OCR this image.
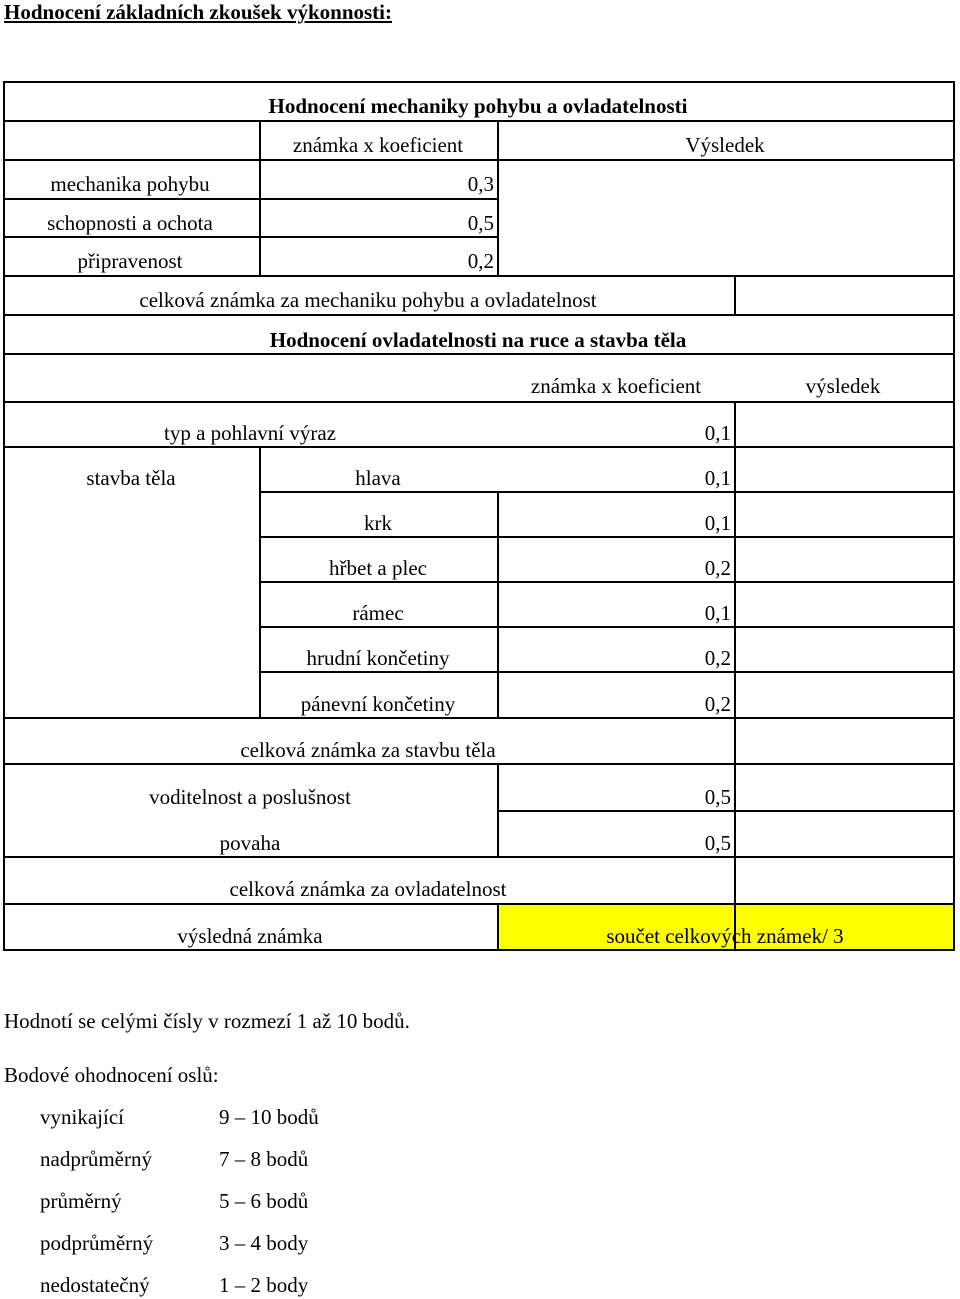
Hodnocení základních zkoušek výkonnosti:
Hodnocení mechaniky pohybu a ovladatelnosti
známka x koeficient	Výsledek
mechanika pohybu	0,3
schopnosti a ochota	0,5
připravenost	0,2
celková známka za mechaniku pohybu a ovladatelnost
Hodnocení ovladatelnosti na ruce a stavba těla
známka x koeficient	výsledek
typ a pohlavní výraz	0,1
stavba těla	hlava	0,1
krk	0,1
hřbet a plec	0,2
rámec	0,1
hrudní končetiny	0,2
pánevní končetiny	0,2
celková známka za stavbu těla
voditelnost a poslušnost	0,5
povaha	0,5
celková známka za ovladatelnost
výsledná známka	součet celkových známek/ 3
Hodnotí se celými čísly v rozmezí 1 až 10 bodů.
Bodové ohodnocení oslů:
vynikající	9 – 10 bodů
nadprůměrný	7 – 8 bodů
průměrný	5 – 6 bodů
podprůměrný	3 – 4 body
nedostatečný	1 – 2 body
